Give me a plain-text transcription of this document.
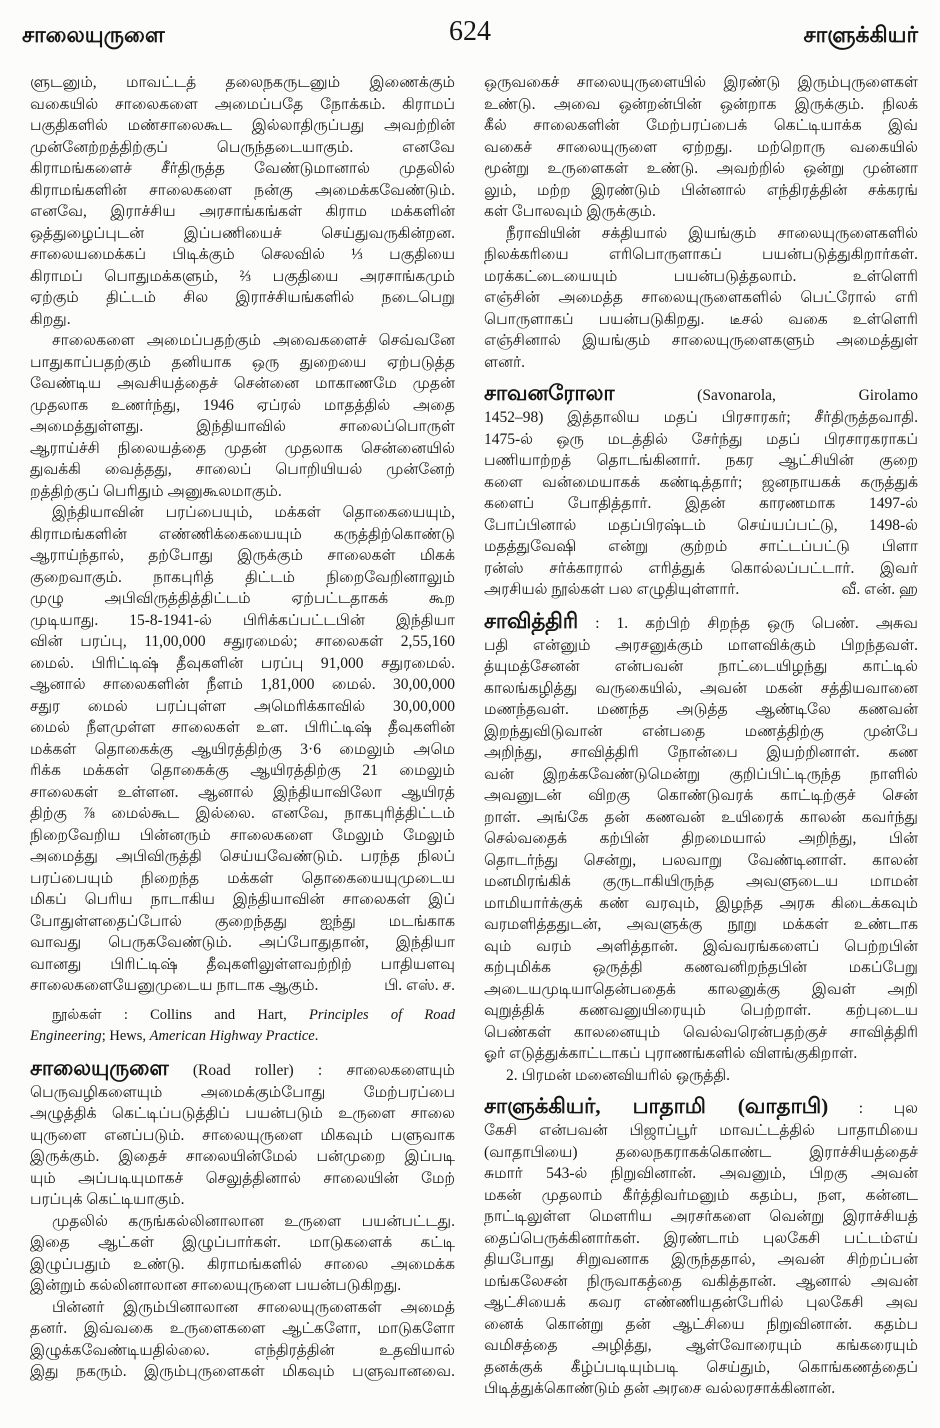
சாலையுருளை	624	சாளுக்கியர்
ளுடனும், மாவட்டத் தலைநகருடனும் இணைக்கும்
வகையில் சாலைகளை அமைப்பதே நோக்கம். கிராமப்
பகுதிகளில் மண்சாலைகூட இல்லாதிருப்பது அவற்றின்
முன்னேற்றத்திற்குப் பெருந்தடையாகும். எனவே
கிராமங்களைச் சீர்திருத்த வேண்டுமானால் முதலில்
கிராமங்களின் சாலைகளை நன்கு அமைக்கவேண்டும்.
எனவே, இராச்சிய அரசாங்கங்கள் கிராம மக்களின்
ஒத்துழைப்புடன் இப்பணியைச் செய்துவருகின்றன.
சாலையமைக்கப் பிடிக்கும் செலவில் ⅓ பகுதியை
கிராமப் பொதுமக்களும், ⅔ பகுதியை அரசாங்கமும்
ஏற்கும் திட்டம் சில இராச்சியங்களில் நடைபெறு
கிறது.
சாலைகளை அமைப்பதற்கும் அவைகளைச் செவ்வனே
பாதுகாப்பதற்கும் தனியாக ஒரு துறையை ஏற்படுத்த
வேண்டிய அவசியத்தைச் சென்னை மாகாணமே முதன்
முதலாக உணர்ந்து, 1946 ஏப்ரல் மாதத்தில் அதை
அமைத்துள்ளது. இந்தியாவில் சாலைப்பொருள்
ஆராய்ச்சி நிலையத்தை முதன் முதலாக சென்னையில்
துவக்கி வைத்தது, சாலைப் பொறியியல் முன்னேற்
றத்திற்குப் பெரிதும் அனுகூலமாகும்.
இந்தியாவின் பரப்பையும், மக்கள் தொகையையும்,
கிராமங்களின் எண்ணிக்கையையும் கருத்திற்கொண்டு
ஆராய்ந்தால், தற்போது இருக்கும் சாலைகள் மிகக்
குறைவாகும். நாகபுரித் திட்டம் நிறைவேறினாலும்
முழு அபிவிருத்தித்திட்டம் ஏற்பட்டதாகக் கூற
முடியாது. 15-8-1941-ல் பிரிக்கப்பட்டபின் இந்தியா
வின் பரப்பு, 11,00,000 சதுரமைல்; சாலைகள் 2,55,160
மைல். பிரிட்டிஷ் தீவுகளின் பரப்பு 91,000 சதுரமைல்.
ஆனால் சாலைகளின் நீளம் 1,81,000 மைல். 30,00,000
சதுர மைல் பரப்புள்ள அமெரிக்காவில் 30,00,000
மைல் நீளமுள்ள சாலைகள் உள. பிரிட்டிஷ் தீவுகளின்
மக்கள் தொகைக்கு ஆயிரத்திற்கு 3·6 மைலும் அமெ
ரிக்க மக்கள் தொகைக்கு ஆயிரத்திற்கு 21 மைலும்
சாலைகள் உள்ளன. ஆனால் இந்தியாவிலோ ஆயிரத்
திற்கு ⅞ மைல்கூட இல்லை. எனவே, நாகபுரித்திட்டம்
நிறைவேறிய பின்னரும் சாலைகளை மேலும் மேலும்
அமைத்து அபிவிருத்தி செய்யவேண்டும். பரந்த நிலப்
பரப்பையும் நிறைந்த மக்கள் தொகையையுமுடைய
மிகப் பெரிய நாடாகிய இந்தியாவின் சாலைகள் இப்
போதுள்ளதைப்போல் குறைந்தது ஐந்து மடங்காக
வாவது பெருகவேண்டும். அப்போதுதான், இந்தியா
வானது பிரிட்டிஷ் தீவுகளிலுள்ளவற்றிற் பாதியளவு
பி. எஸ். ச.
சாலைகளையேனுமுடைய நாடாக ஆகும்.
நூல்கள் : Collins and Hart, Principles of Road
Engineering; Hews, American Highway Practice.
சாலையுருளை (Road roller) : சாலைகளையும்
பெருவழிகளையும் அமைக்கும்போது மேற்பரப்பை
அழுத்திக் கெட்டிப்படுத்திப் பயன்படும் உருளை சாலை
யுருளை எனப்படும். சாலையுருளை மிகவும் பளுவாக
இருக்கும். இதைச் சாலையின்மேல் பன்முறை இப்படி
யும் அப்படியுமாகச் செலுத்தினால் சாலையின் மேற்
பரப்புக் கெட்டியாகும்.
முதலில் கருங்கல்லினாலான உருளை பயன்பட்டது.
இதை ஆட்கள் இழுப்பார்கள். மாடுகளைக் கட்டி
இழுப்பதும் உண்டு. கிராமங்களில் சாலை அமைக்க
இன்றும் கல்லினாலான சாலையுருளை பயன்படுகிறது.
பின்னர் இரும்பினாலான சாலையுருளைகள் அமைத்
தனர். இவ்வகை உருளைகளை ஆட்களோ, மாடுகளோ
இழுக்கவேண்டியதில்லை. எந்திரத்தின் உதவியால்
இது நகரும். இரும்புருளைகள் மிகவும் பளுவானவை.
ஒருவகைச் சாலையுருளையில் இரண்டு இரும்புருளைகள்
உண்டு. அவை ஒன்றன்பின் ஒன்றாக இருக்கும். நிலக்
கீல் சாலைகளின் மேற்பரப்பைக் கெட்டியாக்க இவ்
வகைச் சாலையுருளை ஏற்றது. மற்றொரு வகையில்
மூன்று உருளைகள் உண்டு. அவற்றில் ஒன்று முன்னா
லும், மற்ற இரண்டும் பின்னால் எந்திரத்தின் சக்கரங்
கள் போலவும் இருக்கும்.
நீராவியின் சக்தியால் இயங்கும் சாலையுருளைகளில்
நிலக்கரியை எரிபொருளாகப் பயன்படுத்துகிறார்கள்.
மரக்கட்டையையும் பயன்படுத்தலாம். உள்ளெரி
எஞ்சின் அமைத்த சாலையுருளைகளில் பெட்ரோல் எரி
பொருளாகப் பயன்படுகிறது. டீசல் வகை உள்ளெரி
எஞ்சினால் இயங்கும் சாலையுருளைகளும் அமைத்துள்
ளனர்.
சாவனரோலா (Savonarola, Girolamo
1452–98) இத்தாலிய மதப் பிரசாரகர்; சீர்திருத்தவாதி.
1475-ல் ஒரு மடத்தில் சேர்ந்து மதப் பிரசாரகராகப்
பணியாற்றத் தொடங்கினார். நகர ஆட்சியின் குறை
களை வன்மையாகக் கண்டித்தார்; ஜனநாயகக் கருத்துக்
களைப் போதித்தார். இதன் காரணமாக 1497-ல்
போப்பினால் மதப்பிரஷ்டம் செய்யப்பட்டு, 1498-ல்
மதத்துவேஷி என்று குற்றம் சாட்டப்பட்டு பிளா
ரன்ஸ் சர்க்காரால் எரித்துக் கொல்லப்பட்டார். இவர்
வீ. என். ஹ
அரசியல் நூல்கள் பல எழுதியுள்ளார்.
சாவித்திரி : 1. கற்பிற் சிறந்த ஒரு பெண். அசுவ
பதி என்னும் அரசனுக்கும் மாளவிக்கும் பிறந்தவள்.
த்யுமத்சேனன் என்பவன் நாட்டையிழந்து காட்டில்
காலங்கழித்து வருகையில், அவன் மகன் சத்தியவானை
மணந்தவள். மணந்த அடுத்த ஆண்டிலே கணவன்
இறந்துவிடுவான் என்பதை மணத்திற்கு முன்பே
அறிந்து, சாவித்திரி நோன்பை இயற்றினாள். கண
வன் இறக்கவேண்டுமென்று குறிப்பிட்டிருந்த நாளில்
அவனுடன் விறகு கொண்டுவரக் காட்டிற்குச் சென்
றாள். அங்கே தன் கணவன் உயிரைக் காலன் கவர்ந்து
செல்வதைக் கற்பின் திறமையால் அறிந்து, பின்
தொடர்ந்து சென்று, பலவாறு வேண்டினாள். காலன்
மனமிரங்கிக் குருடாகியிருந்த அவளுடைய மாமன்
மாமியார்க்குக் கண் வரவும், இழந்த அரசு கிடைக்கவும்
வரமளித்ததுடன், அவளுக்கு நூறு மக்கள் உண்டாக
வும் வரம் அளித்தான். இவ்வரங்களைப் பெற்றபின்
கற்புமிக்க ஒருத்தி கணவனிறந்தபின் மகப்பேறு
அடையமுடியாதென்பதைக் காலனுக்கு இவள் அறி
வுறுத்திக் கணவனுயிரையும் பெற்றாள். கற்புடைய
பெண்கள் காலனையும் வெல்வரென்பதற்குச் சாவித்திரி
ஓர் எடுத்துக்காட்டாகப் புராணங்களில் விளங்குகிறாள்.
2. பிரமன் மனைவியரில் ஒருத்தி.
சாளுக்கியர், பாதாமி (வாதாபி) : புல
கேசி என்பவன் பிஜாப்பூர் மாவட்டத்தில் பாதாமியை
(வாதாபியை) தலைநகராகக்கொண்ட இராச்சியத்தைச்
சுமார் 543-ல் நிறுவினான். அவனும், பிறகு அவன்
மகன் முதலாம் கீர்த்திவர்மனும் கதம்ப, நள, கன்னட
நாட்டிலுள்ள மௌரிய அரசர்களை வென்று இராச்சியத்
தைப்பெருக்கினார்கள். இரண்டாம் புலகேசி பட்டம்எய்
தியபோது சிறுவனாக இருந்ததால், அவன் சிற்றப்பன்
மங்கலேசன் நிருவாகத்தை வகித்தான். ஆனால் அவன்
ஆட்சியைக் கவர எண்ணியதன்பேரில் புலகேசி அவ
னைக் கொன்று தன் ஆட்சியை நிறுவினான். கதம்ப
வமிசத்தை அழித்து, ஆள்வோரையும் கங்கரையும்
தனக்குக் கீழ்ப்படியும்படி செய்தும், கொங்கணத்தைப்
பிடித்துக்கொண்டும் தன் அரசை வல்லரசாக்கினான்.
